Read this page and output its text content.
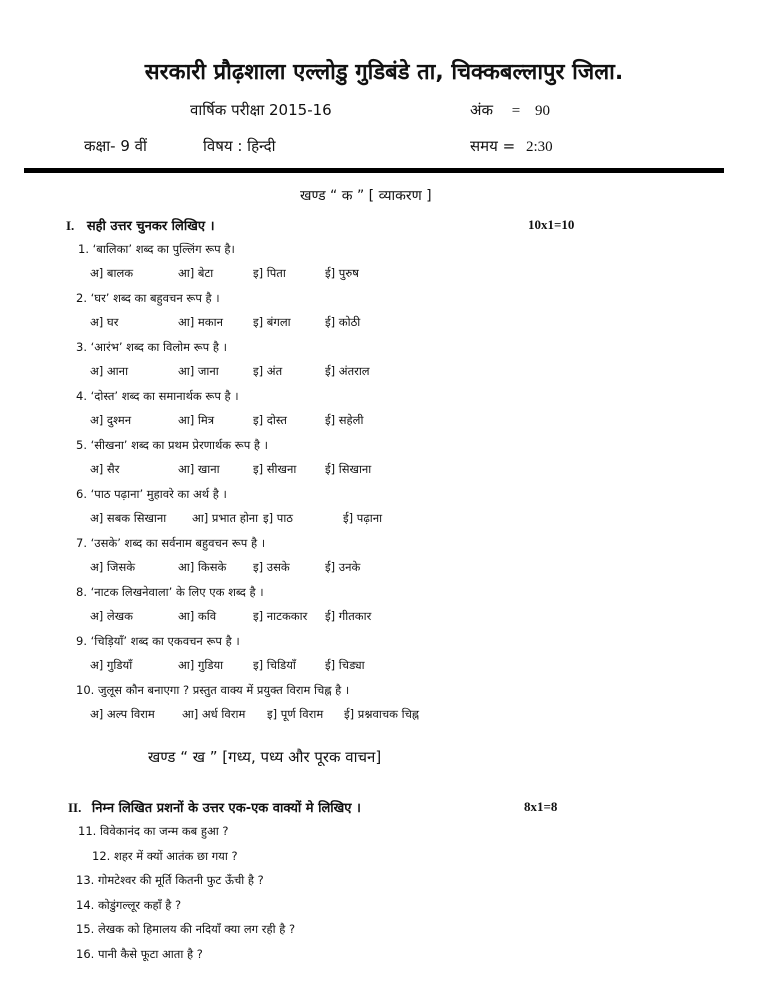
सरकारी प्रौढ़शाला एल्लोडु गुडिबंडे ता, चिक्कबल्लापुर जिला.
वार्षिक परीक्षा 2015-16	अंक = 90
कक्षा- 9 वीं	विषय : हिन्दी	समय = 2:30
खण्ड “ क ” [ व्याकरण ]
I. सही उत्तर चुनकर लिखिए ।	10x1=10
1. ‘बालिका’ शब्द का पुल्लिंग रूप है।
अ] बालक	आ] बेटा	इ] पिता	ई] पुरुष
2. ‘घर’ शब्द का बहुवचन रूप है ।
अ] घर	आ] मकान	इ] बंगला	ई] कोठी
3. ‘आरंभ’ शब्द का विलोम रूप है ।
अ] आना	आ] जाना	इ] अंत	ई] अंतराल
4. ‘दोस्त’ शब्द का समानार्थक रूप है ।
अ] दुश्मन	आ] मित्र	इ] दोस्त	ई] सहेली
5. ‘सीखना’ शब्द का प्रथम प्रेरणार्थक रूप है ।
अ] सैर	आ] खाना	इ] सीखना ई] सिखाना
6. ‘पाठ पढ़ाना’ मुहावरे का अर्थ है ।
अ] सबक सिखाना आ] प्रभात होना इ] पाठ	ई] पढ़ाना
7. ‘उसके’ शब्द का सर्वनाम बहुवचन रूप है ।
अ] जिसके	आ] किसके इ] उसके	ई] उनके
8. ‘नाटक लिखनेवाला’ के लिए एक शब्द है ।
अ] लेखक	आ] कवि	इ] नाटककार ई] गीतकार
9. ‘चिड़ियाँ’ शब्द का एकवचन रूप है ।
अ] गुडियाँ	आ] गुडिया	इ] चिडियाँ	ई] चिड्या
10. जुलूस कौन बनाएगा ? प्रस्तुत वाक्य में प्रयुक्त विराम चिह्न है ।
अ] अल्प विराम आ] अर्ध विराम इ] पूर्ण विराम ई] प्रश्नवाचक चिह्न
खण्ड “ ख ” [गध्य, पध्य और पूरक वाचन]
II. निम्न लिखित प्रशनों के उत्तर एक-एक वाक्यों मे लिखिए ।	8x1=8
11. विवेकानंद का जन्म कब हुआ ?
12. शहर में क्यों आतंक छा गया ?
13. गोमटेश्वर की मूर्ति कितनी फुट ऊँची है ?
14. कोडुंगल्लूर कहाँ है ?
15. लेखक को हिमालय की नदियाँ क्या लग रही है ?
16. पानी कैसे फूटा आता है ?
